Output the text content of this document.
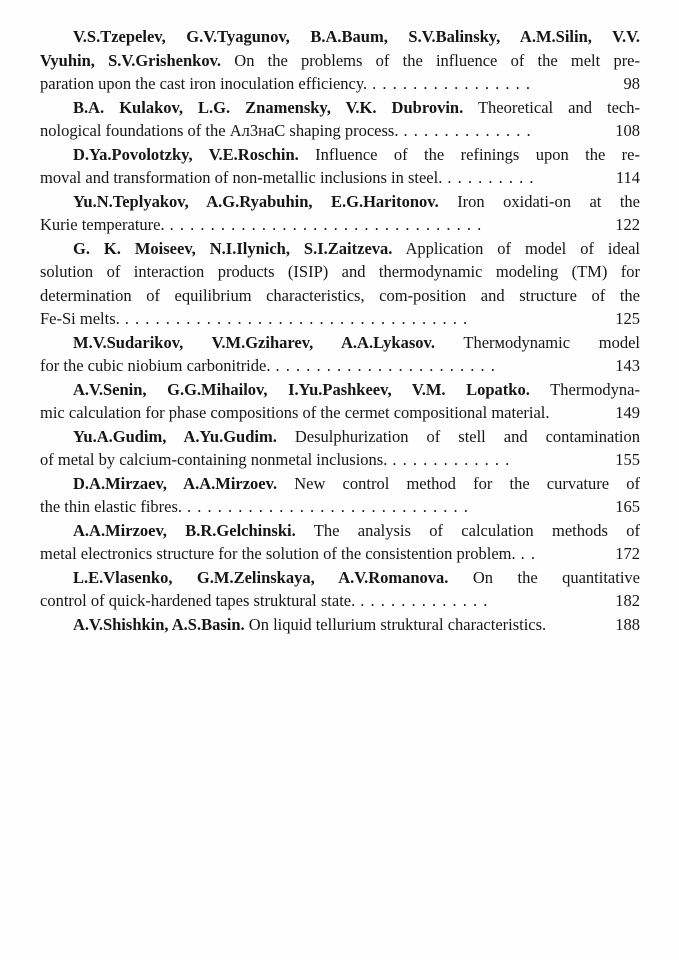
V.S.Tzepelev, G.V.Tyagunov, B.A.Baum, S.V.Balinsky, A.M.Silin, V.V.
Vyuhin, S.V.Grishenkov. On the problems of the influence of the melt pre-
paration upon the cast iron inoculation efficiency. . . . . . . . . . . . . . . . .	98
B.A. Kulakov, L.G. Znamensky, V.K. Dubrovin. Theoretical and tech-
nological foundations of the Ал3наС shaping process. . . . . . . . . . . . . .	108
D.Ya.Povolotzky, V.E.Roschin. Influence of the refinings upon the re-
moval and transformation of non-metallic inclusions in steel. . . . . . . . . .	114
Yu.N.Teplyakov, A.G.Ryabuhin, E.G.Haritonov. Iron oxidati-on at the
Kurie temperature. . . . . . . . . . . . . . . . . . . . . . . . . . . . . . . .	122
G. K. Moiseev, N.I.Ilynich, S.I.Zaitzeva. Application of model of ideal
solution of interaction products (ISIP) and thermodynamic modeling (TM) for
determination of equilibrium characteristics, com-position and structure of the
Fe-Si melts. . . . . . . . . . . . . . . . . . . . . . . . . . . . . . . . . . .	125
M.V.Sudarikov, V.M.Gziharev, A.A.Lykasov. Therмodynamic model
for the cubic niobium carbonitride. . . . . . . . . . . . . . . . . . . . . . .	143
A.V.Senin, G.G.Mihailov, I.Yu.Pashkeev, V.M. Lopatko. Thermodyna-
mic calculation for phase compositions of the cermet compositional material.	149
Yu.A.Gudim, A.Yu.Gudim. Desulphurization of stell and contamination
of metal by calcium-containing nonmetal inclusions. . . . . . . . . . . . .	155
D.A.Mirzaev, A.A.Mirzoev. New control method for the curvature of
the thin elastic fibres. . . . . . . . . . . . . . . . . . . . . . . . . . . . .	165
A.A.Mirzoev, B.R.Gelchinski. The analysis of calculation methods of
metal electronics structure for the solution of the consistention problem. . .	172
L.E.Vlasenko, G.M.Zelinskaya, A.V.Romanova. On the quantitative
control of quick-hardened tapes struktural state. . . . . . . . . . . . . .	182
A.V.Shishkin, A.S.Basin. On liquid tellurium struktural characteristics.	188
